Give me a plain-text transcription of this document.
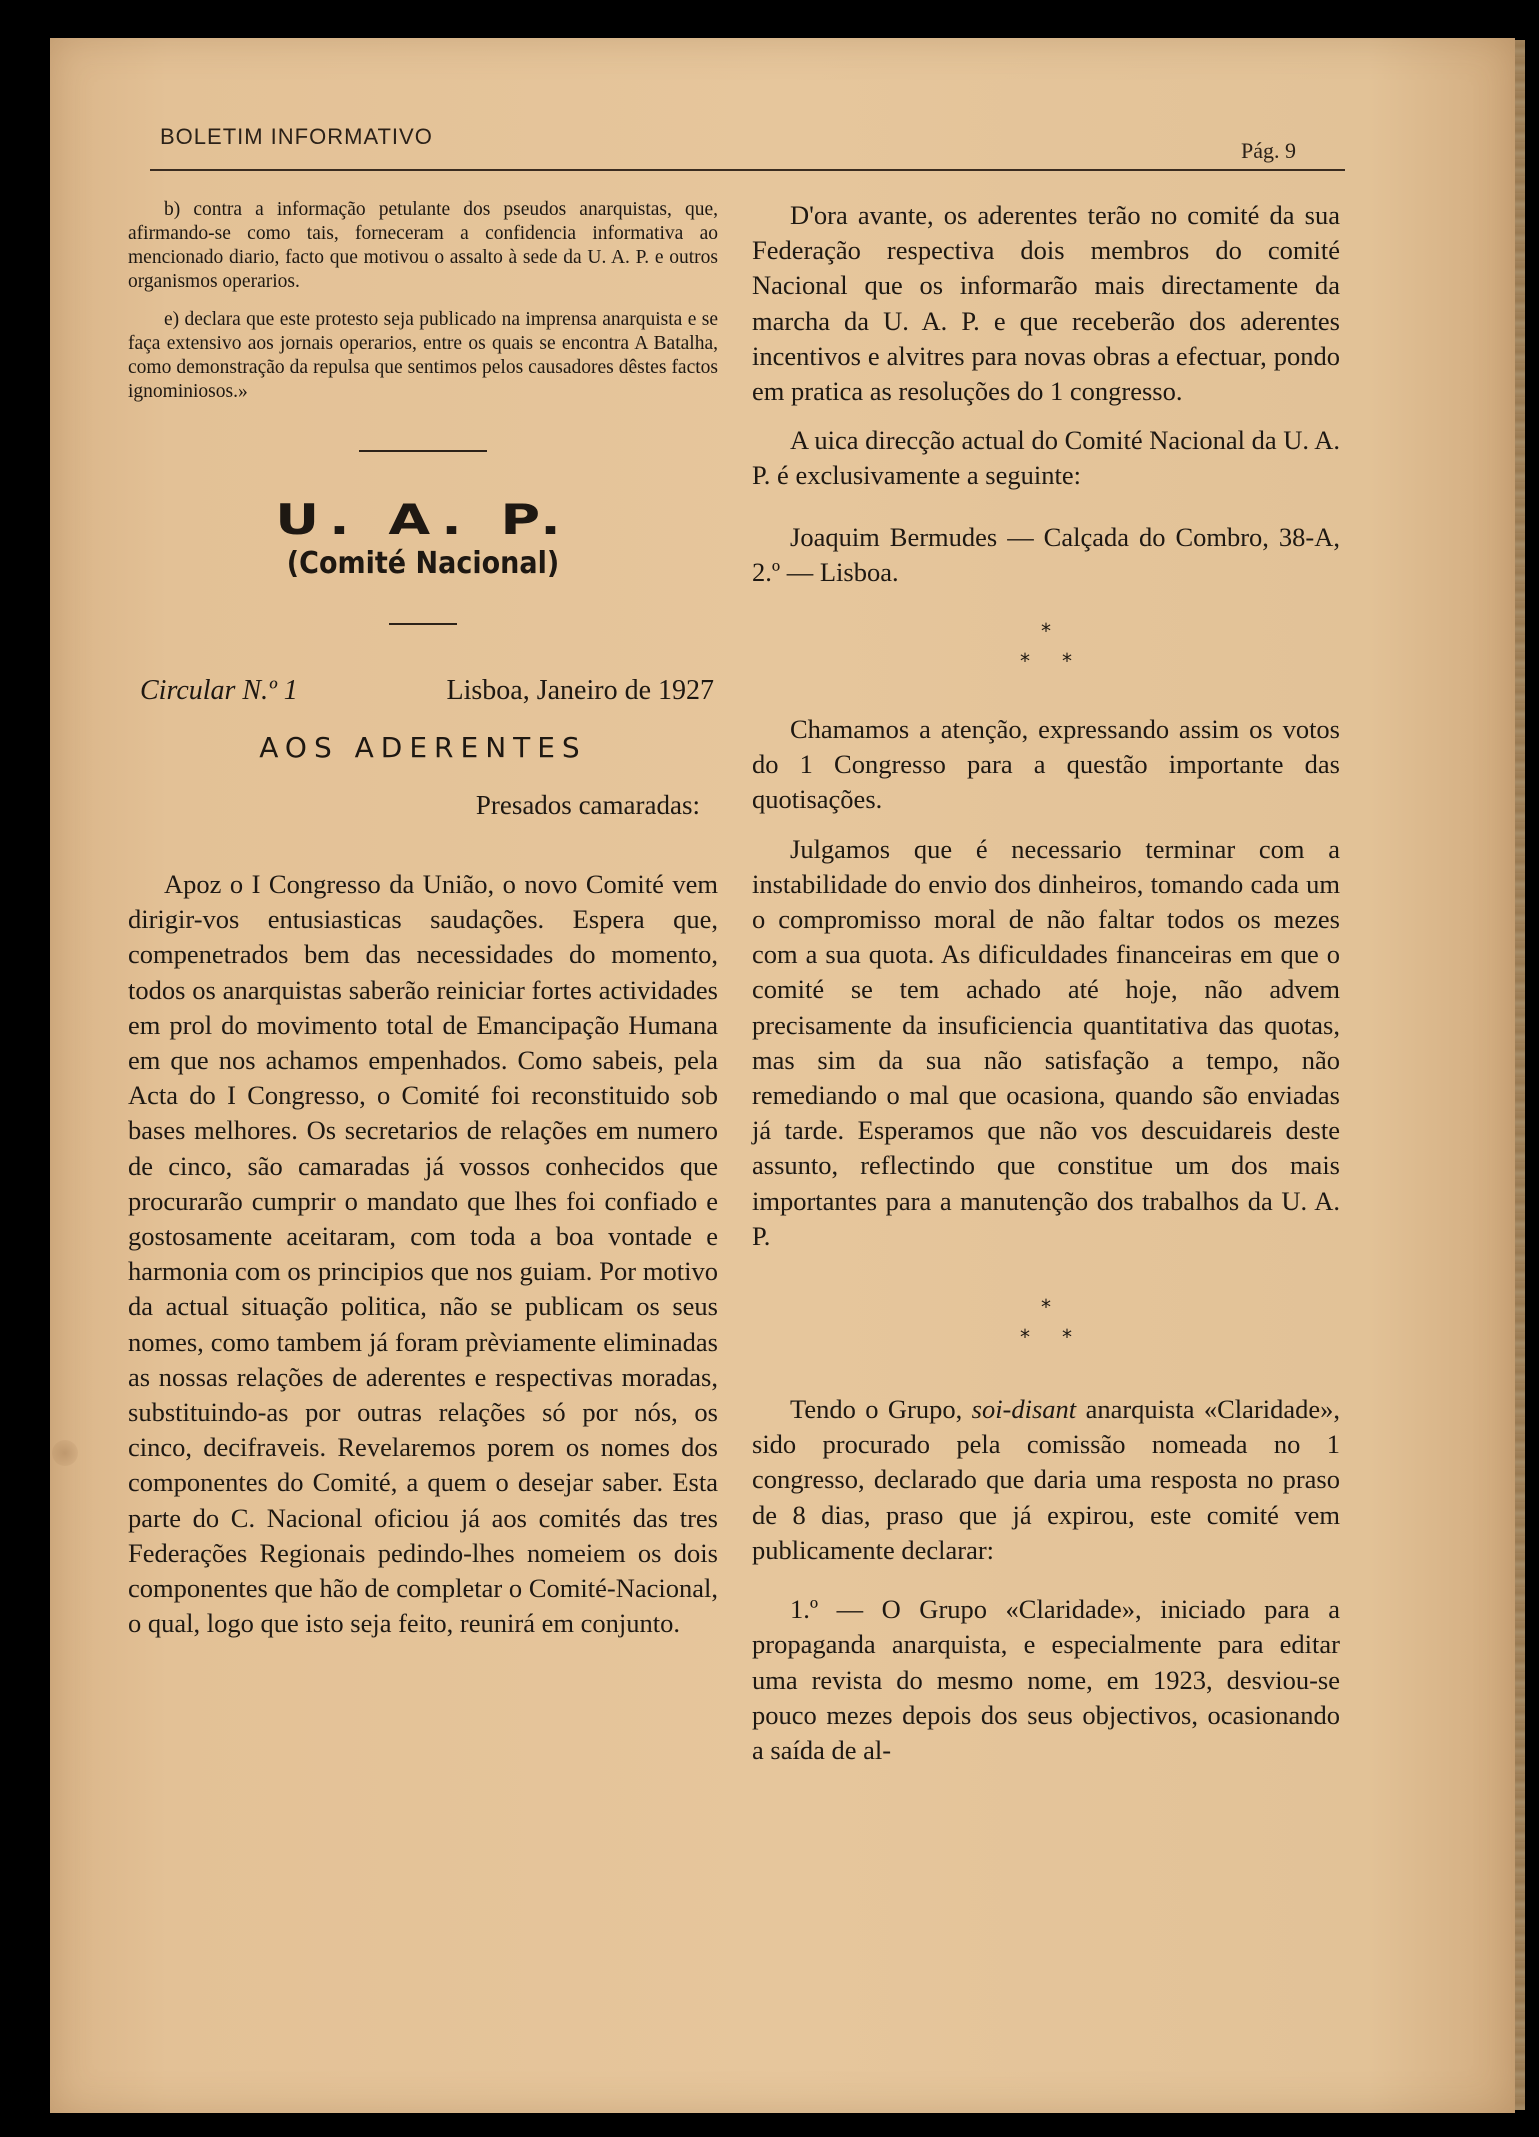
BOLETIM INFORMATIVO
Pág. 9

b) contra a informação petulante dos pseudos anarquistas, que, afirmando-se como tais, forneceram a confidencia informativa ao mencionado diario, facto que motivou o assalto à sede da U. A. P. e outros organismos operarios.

e) declara que este protesto seja publicado na imprensa anarquista e se faça extensivo aos jornais operarios, entre os quais se encontra A Batalha, como demonstração da repulsa que sentimos pelos causadores dêstes factos ignominiosos.»

U. A. P.
(Comité Nacional)
Circular N.º 1	Lisboa, Janeiro de 1927
AOS ADERENTES
Presados camaradas:

Apoz o I Congresso da União, o novo Comité vem dirigir-vos entusiasticas saudações. Espera que, compenetrados bem das necessidades do momento, todos os anarquistas saberão reiniciar fortes actividades em prol do movimento total de Emancipação Humana em que nos achamos empenhados. Como sabeis, pela Acta do I Congresso, o Comité foi reconstituido sob bases melhores. Os secretarios de relações em numero de cinco, são camaradas já vossos conhecidos que procurarão cumprir o mandato que lhes foi confiado e gostosamente aceitaram, com toda a boa vontade e harmonia com os principios que nos guiam. Por motivo da actual situação politica, não se publicam os seus nomes, como tambem já foram prèviamente eliminadas as nossas relações de aderentes e respectivas moradas, substituindo-as por outras relações só por nós, os cinco, decifraveis. Revelaremos porem os nomes dos componentes do Comité, a quem o desejar saber. Esta parte do C. Nacional oficiou já aos comités das tres Federações Regionais pedindo-lhes nomeiem os dois componentes que hão de completar o Comité-Nacional, o qual, logo que isto seja feito, reunirá em conjunto.

D'ora avante, os aderentes terão no comité da sua Federação respectiva dois membros do comité Nacional que os informarão mais directamente da marcha da U. A. P. e que receberão dos aderentes incentivos e alvitres para novas obras a efectuar, pondo em pratica as resoluções do 1 congresso.

A uica direcção actual do Comité Nacional da U. A. P. é exclusivamente a seguinte:

Joaquim Bermudes — Calçada do Combro, 38-A, 2.º — Lisboa.

*
**

Chamamos a atenção, expressando assim os votos do 1 Congresso para a questão importante das quotisações.

Julgamos que é necessario terminar com a instabilidade do envio dos dinheiros, tomando cada um o compromisso moral de não faltar todos os mezes com a sua quota. As dificuldades financeiras em que o comité se tem achado até hoje, não advem precisamente da insuficiencia quantitativa das quotas, mas sim da sua não satisfação a tempo, não remediando o mal que ocasiona, quando são enviadas já tarde. Esperamos que não vos descuidareis deste assunto, reflectindo que constitue um dos mais importantes para a manutenção dos trabalhos da U. A. P.

*
**

Tendo o Grupo, soi-disant anarquista «Claridade», sido procurado pela comissão nomeada no 1 congresso, declarado que daria uma resposta no praso de 8 dias, praso que já expirou, este comité vem publicamente declarar:

1.º — O Grupo «Claridade», iniciado para a propaganda anarquista, e especialmente para editar uma revista do mesmo nome, em 1923, desviou-se pouco mezes depois dos seus objectivos, ocasionando a saída de al-
